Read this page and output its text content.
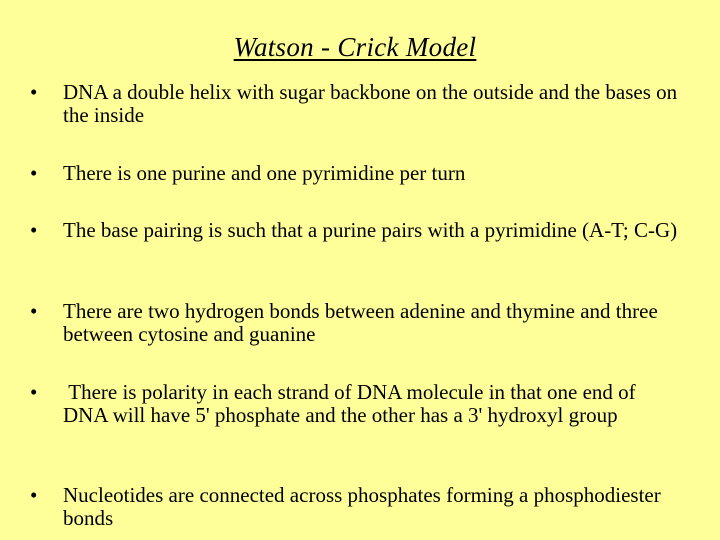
Watson - Crick Model
•	DNA a double helix with sugar backbone on the outside and the bases on the inside
•	There is one purine and one pyrimidine per turn
•	The base pairing is such that a purine pairs with a pyrimidine (A-T; C-G)
•	There are two hydrogen bonds between adenine and thymine and three between cytosine and guanine
•	There is polarity in each strand of DNA molecule in that one end of DNA will have 5' phosphate and the other has a 3' hydroxyl group
•	Nucleotides are connected across phosphates forming a phosphodiester bonds
